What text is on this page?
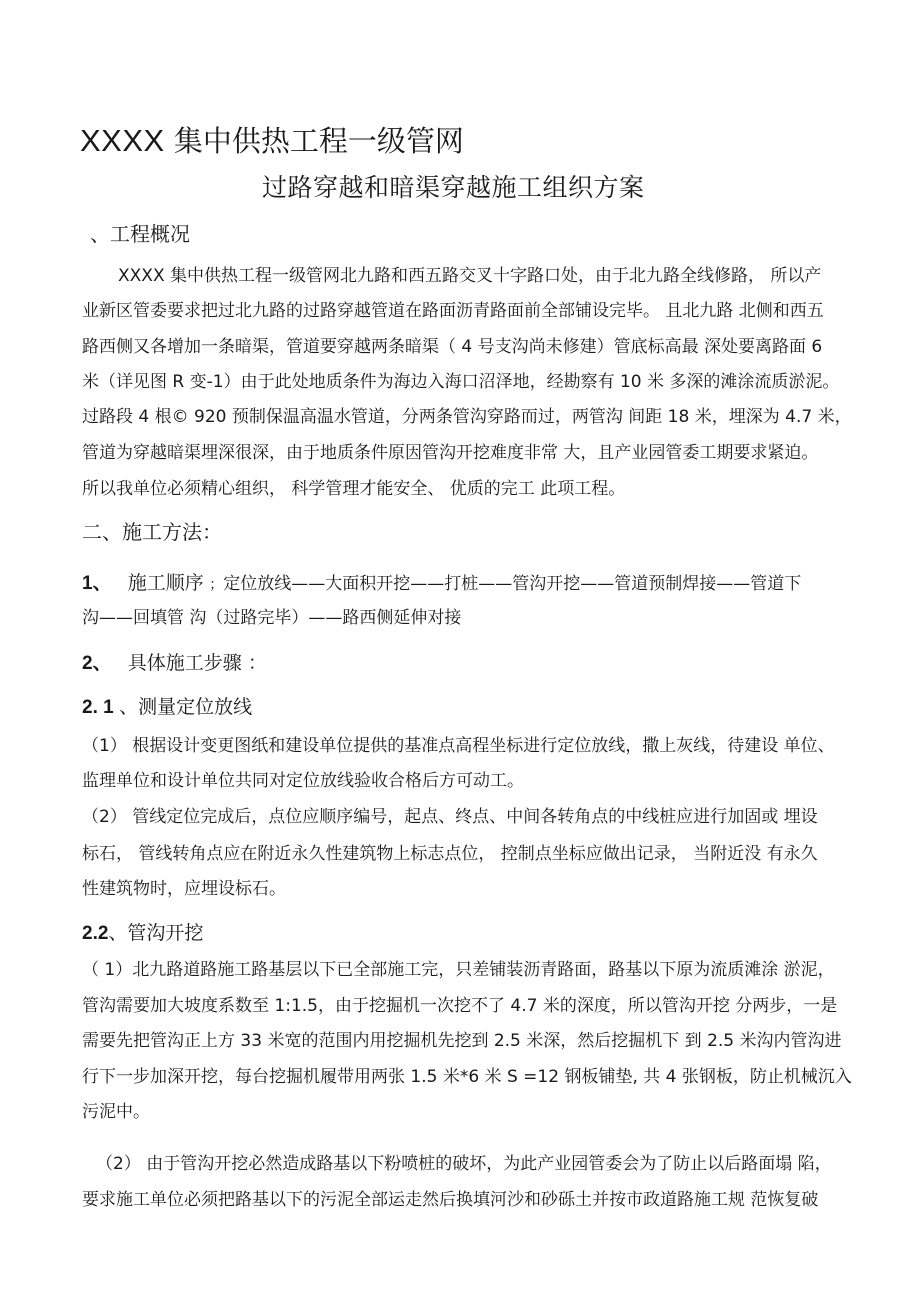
XXXX 集中供热工程一级管网
过路穿越和暗渠穿越施工组织方案
、工程概况
XXXX 集中供热工程一级管网北九路和西五路交叉十字路口处，由于北九路全线修路， 所以产
业新区管委要求把过北九路的过路穿越管道在路面沥青路面前全部铺设完毕。 且北九路 北侧和西五
路西侧又各增加一条暗渠，管道要穿越两条暗渠（ 4 号支沟尚未修建）管底标高最 深处要离路面 6
米（详见图 R 变-1）由于此处地质条件为海边入海口沼泽地，经勘察有 10 米 多深的滩涂流质淤泥。
过路段 4 根© 920 预制保温高温水管道，分两条管沟穿路而过，两管沟 间距 18 米，埋深为 4.7 米，
管道为穿越暗渠埋深很深，由于地质条件原因管沟开挖难度非常 大，且产业园管委工期要求紧迫。
所以我单位必须精心组织， 科学管理才能安全、 优质的完工 此项工程。
二、施工方法：
1、 施工顺序 ；定位放线——大面积开挖——打桩——管沟开挖——管道预制焊接——管道下
沟——回填管 沟（过路完毕）——路西侧延伸对接
2、 具体施工步骤 ：
2. 1 、测量定位放线
（1） 根据设计变更图纸和建设单位提供的基准点高程坐标进行定位放线，撒上灰线，待建设 单位、
监理单位和设计单位共同对定位放线验收合格后方可动工。
（2） 管线定位完成后，点位应顺序编号，起点、终点、中间各转角点的中线桩应进行加固或 埋设
标石， 管线转角点应在附近永久性建筑物上标志点位， 控制点坐标应做出记录， 当附近没 有永久
性建筑物时，应埋设标石。
2.2、管沟开挖
（ 1）北九路道路施工路基层以下已全部施工完，只差铺装沥青路面，路基以下原为流质滩涂 淤泥，
管沟需要加大坡度系数至 1:1.5，由于挖掘机一次挖不了 4.7 米的深度，所以管沟开挖 分两步，一是
需要先把管沟正上方 33 米宽的范围内用挖掘机先挖到 2.5 米深，然后挖掘机下 到 2.5 米沟内管沟进
行下一步加深开挖，每台挖掘机履带用两张 1.5 米*6 米 S =12 钢板铺垫, 共 4 张钢板，防止机械沉入
污泥中。
（2） 由于管沟开挖必然造成路基以下粉喷桩的破坏，为此产业园管委会为了防止以后路面塌 陷，
要求施工单位必须把路基以下的污泥全部运走然后换填河沙和砂砾土并按市政道路施工规 范恢复破
